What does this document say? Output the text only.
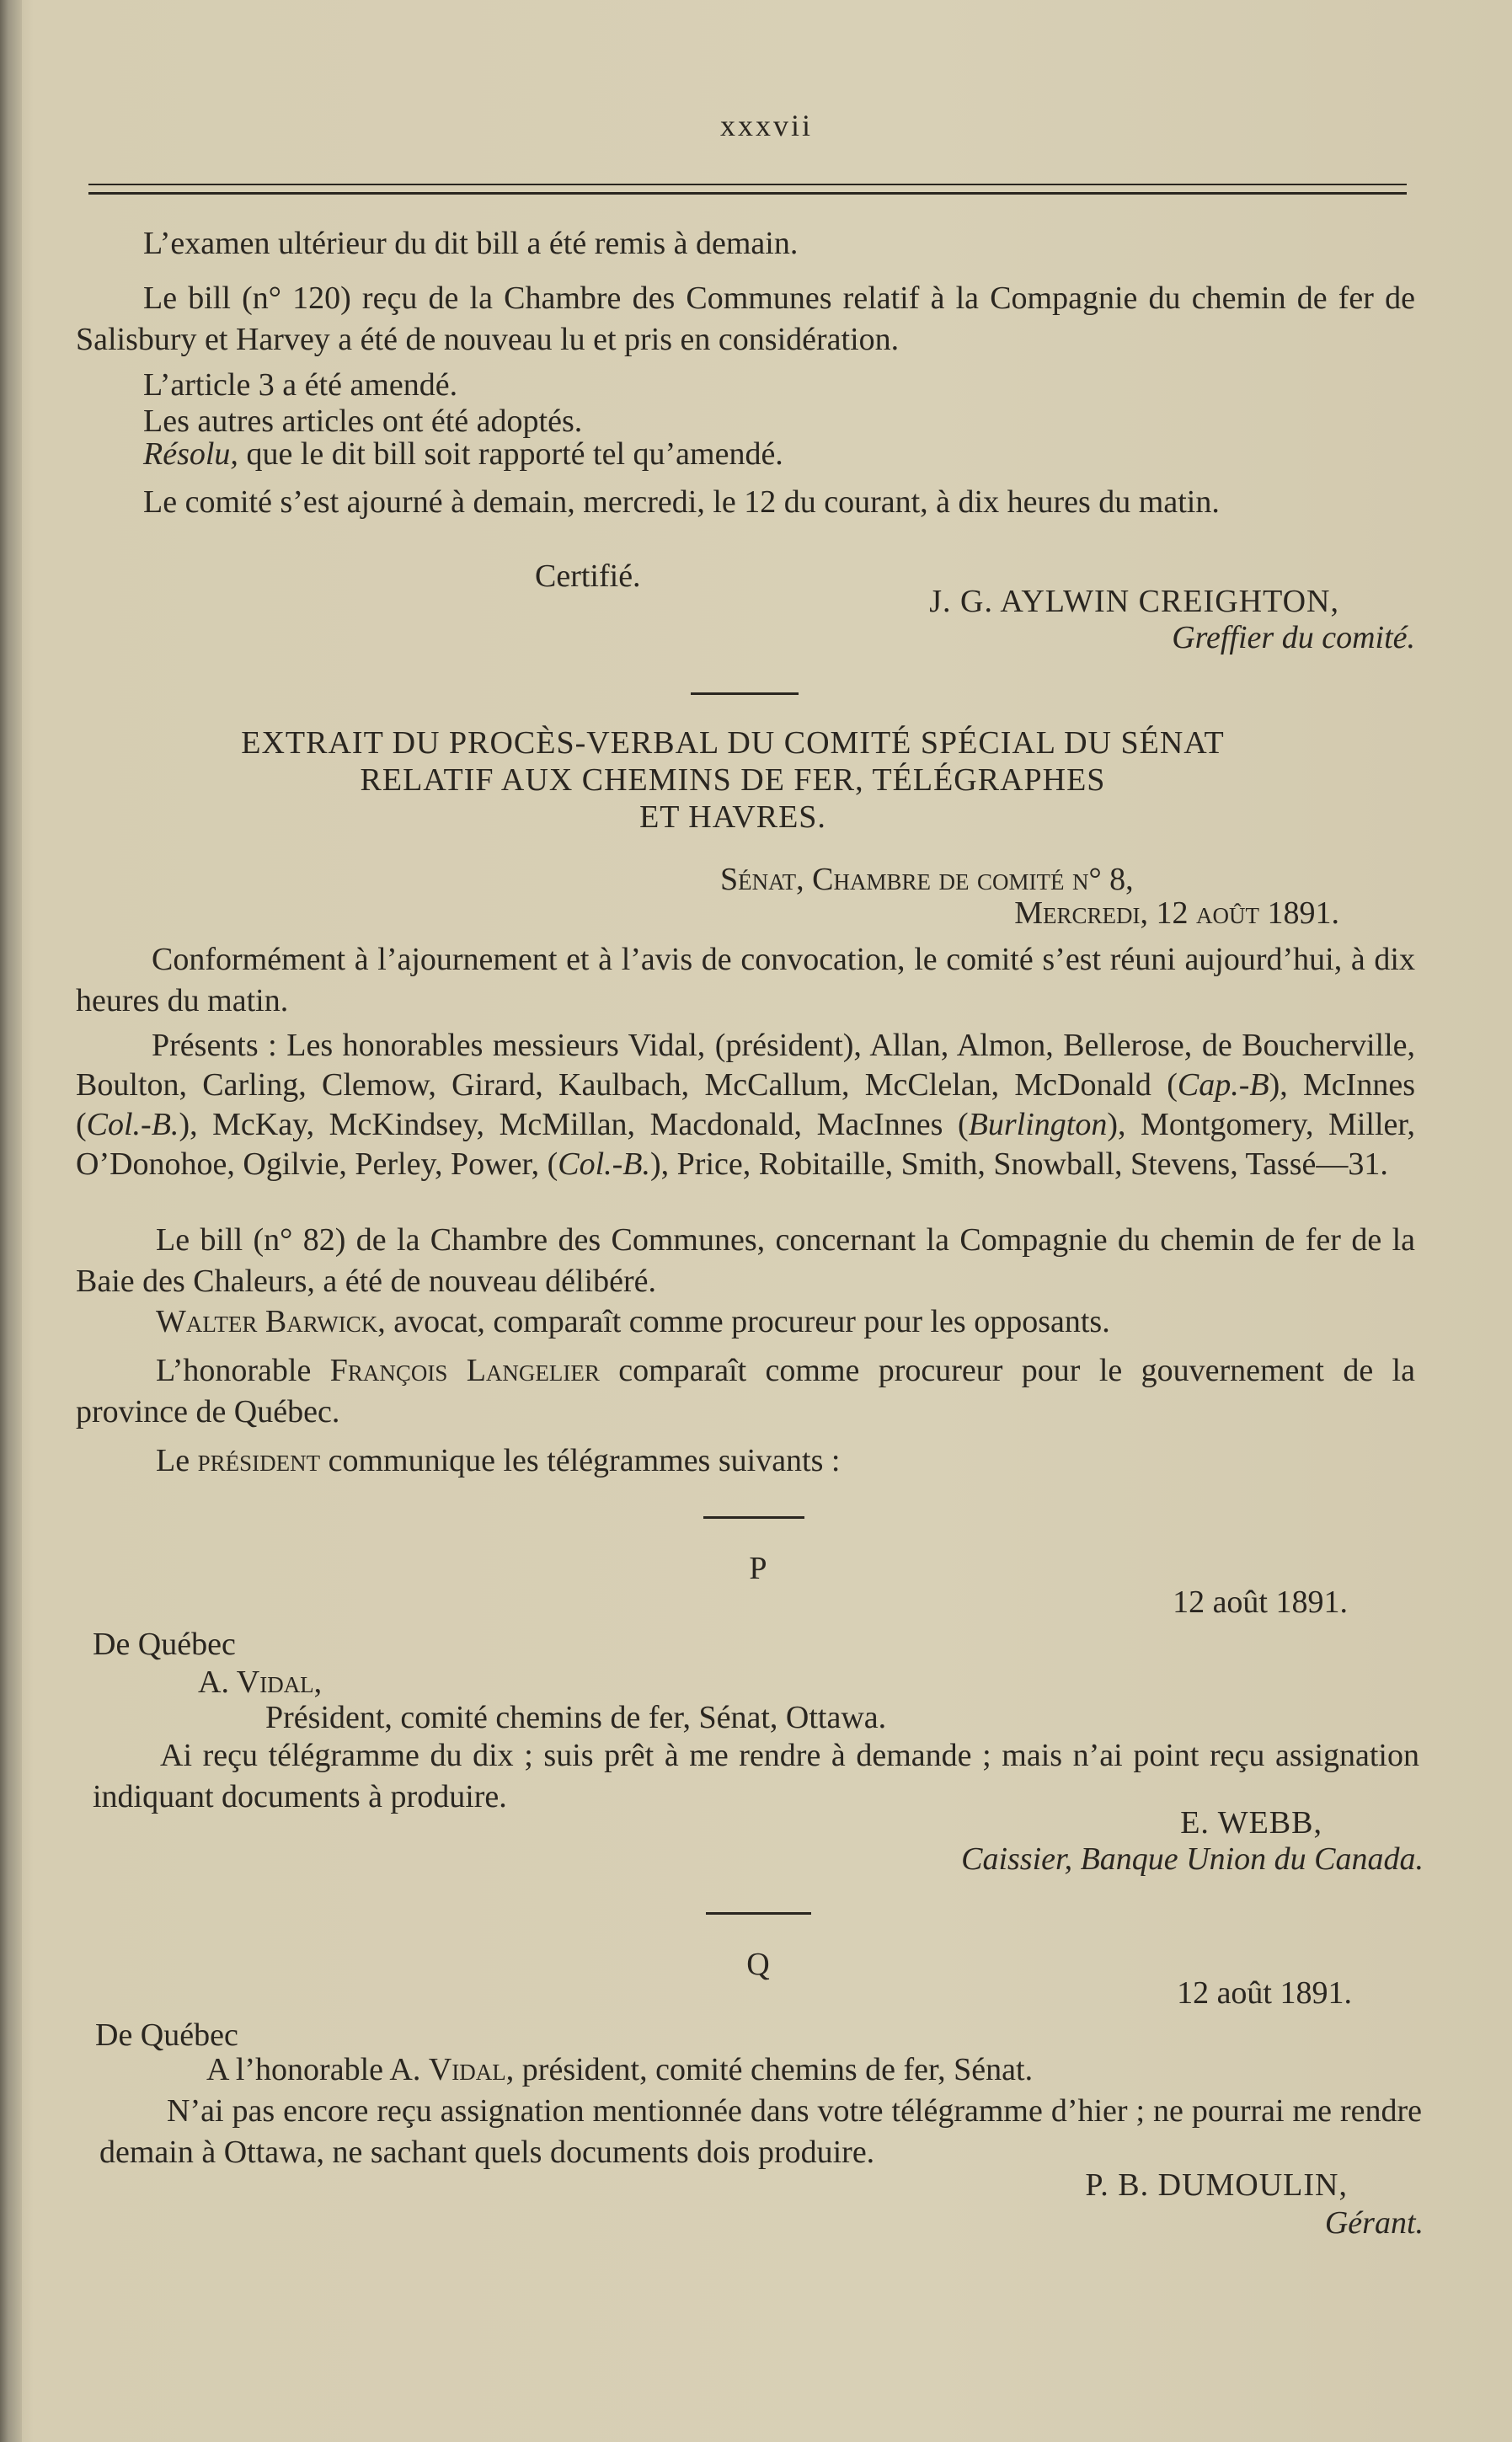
xxxvii

L’examen ultérieur du dit bill a été remis à demain.

Le bill (n° 120) reçu de la Chambre des Communes relatif à la Compagnie du chemin de fer de Salisbury et Harvey a été de nouveau lu et pris en considération.

L’article 3 a été amendé.

Les autres articles ont été adoptés.

Résolu, que le dit bill soit rapporté tel qu’amendé.

Le comité s’est ajourné à demain, mercredi, le 12 du courant, à dix heures du matin.

Certifié.
J. G. AYLWIN CREIGHTON,
Greffier du comité.
EXTRAIT DU PROCÈS-VERBAL DU COMITÉ SPÉCIAL DU SÉNAT
RELATIF AUX CHEMINS DE FER, TÉLÉGRAPHES
ET HAVRES.
Sénat, Chambre de comité n° 8,
Mercredi, 12 août 1891.

Conformément à l’ajournement et à l’avis de convocation, le comité s’est réuni aujourd’hui, à dix heures du matin.

Présents : Les honorables messieurs Vidal, (président), Allan, Almon, Bellerose, de Boucherville, Boulton, Carling, Clemow, Girard, Kaulbach, McCallum, McClelan, McDonald (Cap.-B), McInnes (Col.-B.), McKay, McKindsey, McMillan, Macdonald, MacInnes (Burlington), Montgomery, Miller, O’Donohoe, Ogilvie, Perley, Power, (Col.-B.), Price, Robitaille, Smith, Snowball, Stevens, Tassé—31.

Le bill (n° 82) de la Chambre des Communes, concernant la Compagnie du chemin de fer de la Baie des Chaleurs, a été de nouveau délibéré.

Walter Barwick, avocat, comparaît comme procureur pour les opposants.

L’honorable François Langelier comparaît comme procureur pour le gouvernement de la province de Québec.

Le président communique les télégrammes suivants :

P
12 août 1891.
De Québec
A. Vidal,
Président, comité chemins de fer, Sénat, Ottawa.

Ai reçu télégramme du dix ; suis prêt à me rendre à demande ; mais n’ai point reçu assignation indiquant documents à produire.

E. WEBB,
Caissier, Banque Union du Canada.
Q
12 août 1891.
De Québec
A l’honorable A. Vidal, président, comité chemins de fer, Sénat.

N’ai pas encore reçu assignation mentionnée dans votre télégramme d’hier ; ne pourrai me rendre demain à Ottawa, ne sachant quels documents dois produire.

P. B. DUMOULIN,
Gérant.
